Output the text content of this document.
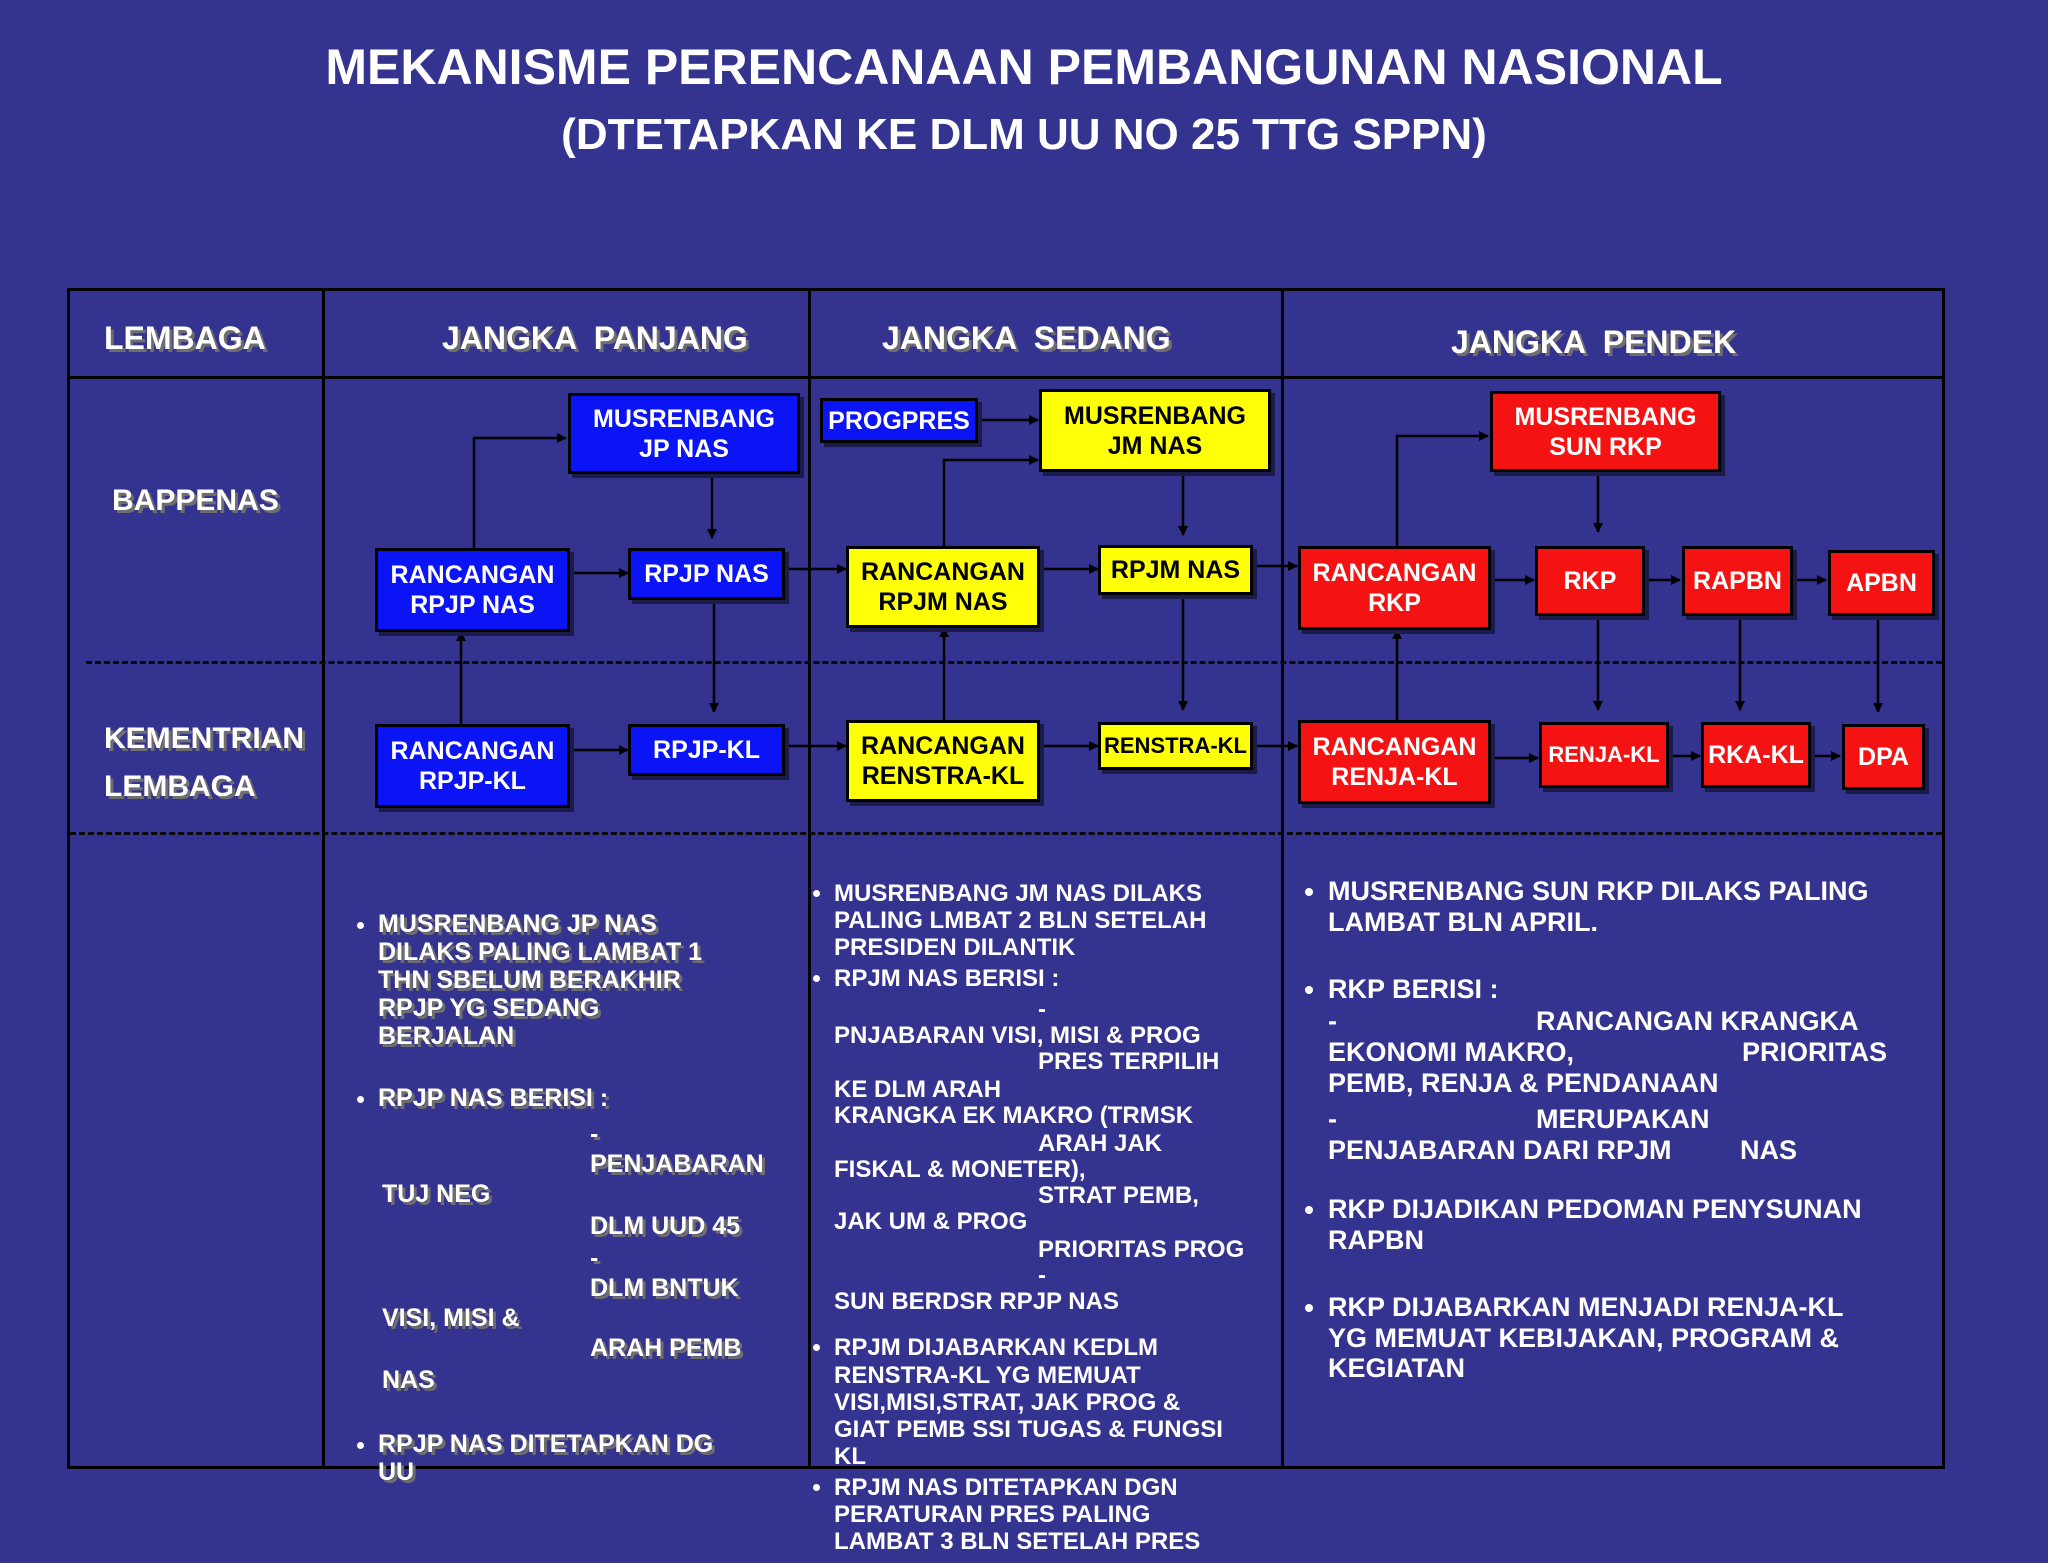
MEKANISME PERENCANAAN PEMBANGUNAN NASIONAL
(DTETAPKAN KE DLM UU NO 25 TTG SPPN)
LEMBAGA	JANGKA  PANJANG	JANGKA  SEDANG	JANGKA  PENDEK
BAPPENAS
KEMENTRIAN
LEMBAGA
MUSRENBANG
JP NAS
RANCANGAN
RPJP NAS
RPJP NAS
RANCANGAN
RPJP-KL
RPJP-KL
PROGPRES	MUSRENBANG
JM NAS
RANCANGAN
RPJM NAS
RPJM NAS
RANCANGAN
RENSTRA-KL
RENSTRA-KL
MUSRENBANG
SUN RKP
RANCANGAN
RKP
RKP	RAPBN	APBN
RANCANGAN
RENJA-KL
RENJA-KL RKA-KL DPA
• MUSRENBANG JP NAS
DILAKS PALING LAMBAT 1
THN SBELUM BERAKHIR
RPJP YG SEDANG
BERJALAN
• RPJP NAS BERISI :
-
PENJABARAN
TUJ NEG
DLM UUD 45
-
DLM BNTUK
VISI, MISI &
ARAH PEMB
NAS
• RPJP NAS DITETAPKAN DG
UU
• MUSRENBANG JM NAS DILAKS
PALING LMBAT 2 BLN SETELAH
PRESIDEN DILANTIK
• RPJM NAS BERISI :
-
PNJABARAN VISI, MISI & PROG
PRES TERPILIH
KE DLM ARAH
KRANGKA EK MAKRO (TRMSK
ARAH JAK
FISKAL & MONETER),
STRAT PEMB,
JAK UM & PROG
PRIORITAS PROG
-
SUN BERDSR RPJP NAS
• RPJM DIJABARKAN KEDLM
RENSTRA-KL YG MEMUAT
VISI,MISI,STRAT, JAK PROG &
GIAT PEMB SSI TUGAS & FUNGSI
KL
• RPJM NAS DITETAPKAN DGN
PERATURAN PRES PALING
LAMBAT 3 BLN SETELAH PRES
• MUSRENBANG SUN RKP DILAKS PALING
LAMBAT BLN APRIL.
• RKP BERISI :
-	RANCANGAN KRANGKA
EKONOMI MAKRO,	PRIORITAS
PEMB, RENJA & PENDANAAN
-	MERUPAKAN
PENJABARAN DARI RPJM	NAS
• RKP DIJADIKAN PEDOMAN PENYSUNAN
RAPBN
• RKP DIJABARKAN MENJADI RENJA-KL
YG MEMUAT KEBIJAKAN, PROGRAM &
KEGIATAN
